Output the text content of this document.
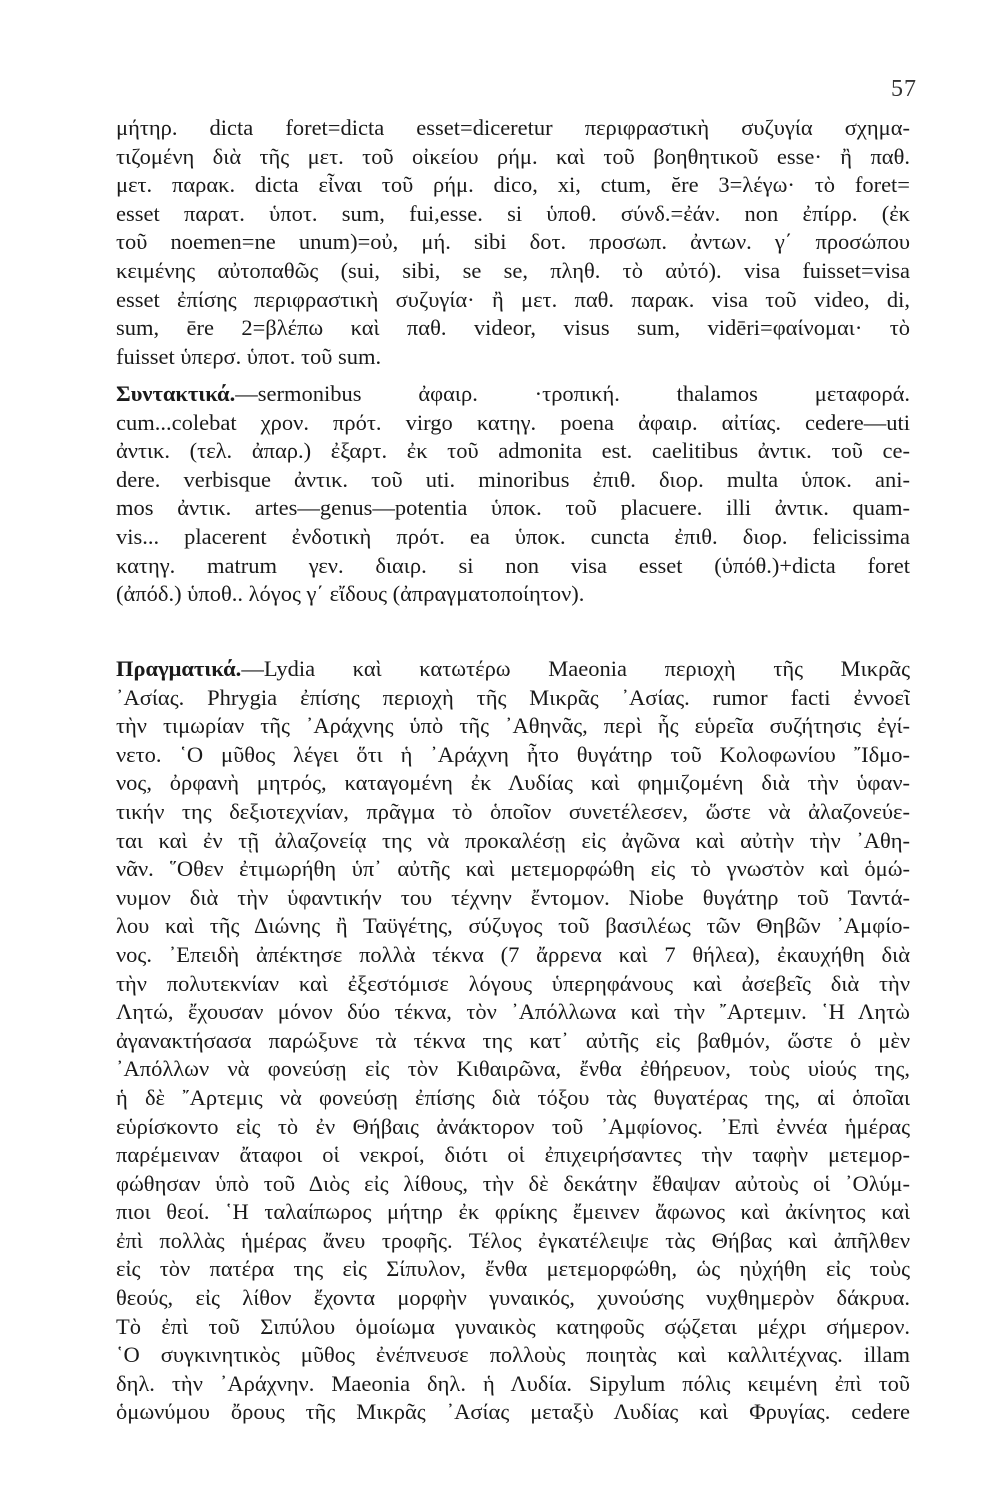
57
μήτηρ. dicta foret=dicta esset=diceretur περιφραστικὴ συζυγία σχημα-
τιζομένη διὰ τῆς μετ. τοῦ οἰκείου ρήμ. καὶ τοῦ βοηθητικοῦ esse· ἢ παθ.
μετ. παρακ. dicta εἶναι τοῦ ρήμ. dico, xi, ctum, ĕre 3=λέγω· τὸ foret=
esset παρατ. ὑποτ. sum, fui,esse. si ὑποθ. σύνδ.=ἐάν. non ἐπίρρ. (ἐκ
τοῦ noemen=ne unum)=οὐ, μή. sibi δοτ. προσωπ. ἀντων. γ΄ προσώπου
κειμένης αὐτοπαθῶς (sui, sibi, se se, πληθ. τὸ αὐτό). visa fuisset=visa
esset ἐπίσης περιφραστικὴ συζυγία· ἢ μετ. παθ. παρακ. visa τοῦ video, di,
sum, ēre 2=βλέπω καὶ παθ. videor, visus sum, vidēri=φαίνομαι· τὸ
fuisset ὑπερσ. ὑποτ. τοῦ sum.
Συντακτικά.—sermonibus ἀφαιρ. ·τροπική. thalamos μεταφορά.
cum...colebat χρον. πρότ. virgo κατηγ. poena ἀφαιρ. αἰτίας. cedere—uti
ἀντικ. (τελ. ἀπαρ.) ἐξαρτ. ἐκ τοῦ admonita est. caelitibus ἀντικ. τοῦ ce-
dere. verbisque ἀντικ. τοῦ uti. minoribus ἐπιθ. διορ. multa ὑποκ. ani-
mos ἀντικ. artes—genus—potentia ὑποκ. τοῦ placuere. illi ἀντικ. quam-
vis... placerent ἐνδοτικὴ πρότ. ea ὑποκ. cuncta ἐπιθ. διορ. felicissima
κατηγ. matrum γεν. διαιρ. si non visa esset (ὑπόθ.)+dicta foret
(ἀπόδ.) ὑποθ.. λόγος γ΄ εἴδους (ἀπραγματοποίητον).
Πραγματικά.—Lydia καὶ κατωτέρω Maeonia περιοχὴ τῆς Μικρᾶς
᾿Ασίας. Phrygia ἐπίσης περιοχὴ τῆς Μικρᾶς ᾿Ασίας. rumor facti ἐννοεῖ
τὴν τιμωρίαν τῆς ᾿Αράχνης ὑπὸ τῆς ᾿Αθηνᾶς, περὶ ἧς εὑρεῖα συζήτησις ἐγί-
νετο. ῾Ο μῦθος λέγει ὅτι ἡ ᾿Αράχνη ἦτο θυγάτηρ τοῦ Κολοφωνίου ῎Ιδμο-
νος, ὀρφανὴ μητρός, καταγομένη ἐκ Λυδίας καὶ φημιζομένη διὰ τὴν ὑφαν-
τικήν της δεξιοτεχνίαν, πρᾶγμα τὸ ὁποῖον συνετέλεσεν, ὥστε νὰ ἀλαζονεύε-
ται καὶ ἐν τῇ ἀλαζονείᾳ της νὰ προκαλέσῃ εἰς ἀγῶνα καὶ αὐτὴν τὴν ᾿Αθη-
νᾶν. ῞Οθεν ἐτιμωρήθη ὑπ᾿ αὐτῆς καὶ μετεμορφώθη εἰς τὸ γνωστὸν καὶ ὁμώ-
νυμον διὰ τὴν ὑφαντικήν του τέχνην ἔντομον. Niobe θυγάτηρ τοῦ Ταντά-
λου καὶ τῆς Διώνης ἢ Ταϋγέτης, σύζυγος τοῦ βασιλέως τῶν Θηβῶν ᾿Αμφίο-
νος. ᾿Επειδὴ ἀπέκτησε πολλὰ τέκνα (7 ἄρρενα καὶ 7 θήλεα), ἐκαυχήθη διὰ
τὴν πολυτεκνίαν καὶ ἐξεστόμισε λόγους ὑπερηφάνους καὶ ἀσεβεῖς διὰ τὴν
Λητώ, ἔχουσαν μόνον δύο τέκνα, τὸν ᾿Απόλλωνα καὶ τὴν ῎Αρτεμιν. ῾Η Λητὼ
ἀγανακτήσασα παρώξυνε τὰ τέκνα της κατ᾿ αὐτῆς εἰς βαθμόν, ὥστε ὁ μὲν
᾿Απόλλων νὰ φονεύσῃ εἰς τὸν Κιθαιρῶνα, ἔνθα ἐθήρευον, τοὺς υἱούς της,
ἡ δὲ ῎Αρτεμις νὰ φονεύσῃ ἐπίσης διὰ τόξου τὰς θυγατέρας της, αἱ ὁποῖαι
εὑρίσκοντο εἰς τὸ ἐν Θήβαις ἀνάκτορον τοῦ ᾿Αμφίονος. ᾿Επὶ ἐννέα ἡμέρας
παρέμειναν ἄταφοι οἱ νεκροί, διότι οἱ ἐπιχειρήσαντες τὴν ταφὴν μετεμορ-
φώθησαν ὑπὸ τοῦ Διὸς εἰς λίθους, τὴν δὲ δεκάτην ἔθαψαν αὐτοὺς οἱ ᾿Ολύμ-
πιοι θεοί. ῾Η ταλαίπωρος μήτηρ ἐκ φρίκης ἔμεινεν ἄφωνος καὶ ἀκίνητος καὶ
ἐπὶ πολλὰς ἡμέρας ἄνευ τροφῆς. Τέλος ἐγκατέλειψε τὰς Θήβας καὶ ἀπῆλθεν
εἰς τὸν πατέρα της εἰς Σίπυλον, ἔνθα μετεμορφώθη, ὡς ηὐχήθη εἰς τοὺς
θεούς, εἰς λίθον ἔχοντα μορφὴν γυναικός, χυνούσης νυχθημερὸν δάκρυα.
Τὸ ἐπὶ τοῦ Σιπύλου ὁμοίωμα γυναικὸς κατηφοῦς σῴζεται μέχρι σήμερον.
῾Ο συγκινητικὸς μῦθος ἐνέπνευσε πολλοὺς ποιητὰς καὶ καλλιτέχνας. illam
δηλ. τὴν ᾿Αράχνην. Maeonia δηλ. ἡ Λυδία. Sipylum πόλις κειμένη ἐπὶ τοῦ
ὁμωνύμου ὄρους τῆς Μικρᾶς ᾿Ασίας μεταξὺ Λυδίας καὶ Φρυγίας. cedere
